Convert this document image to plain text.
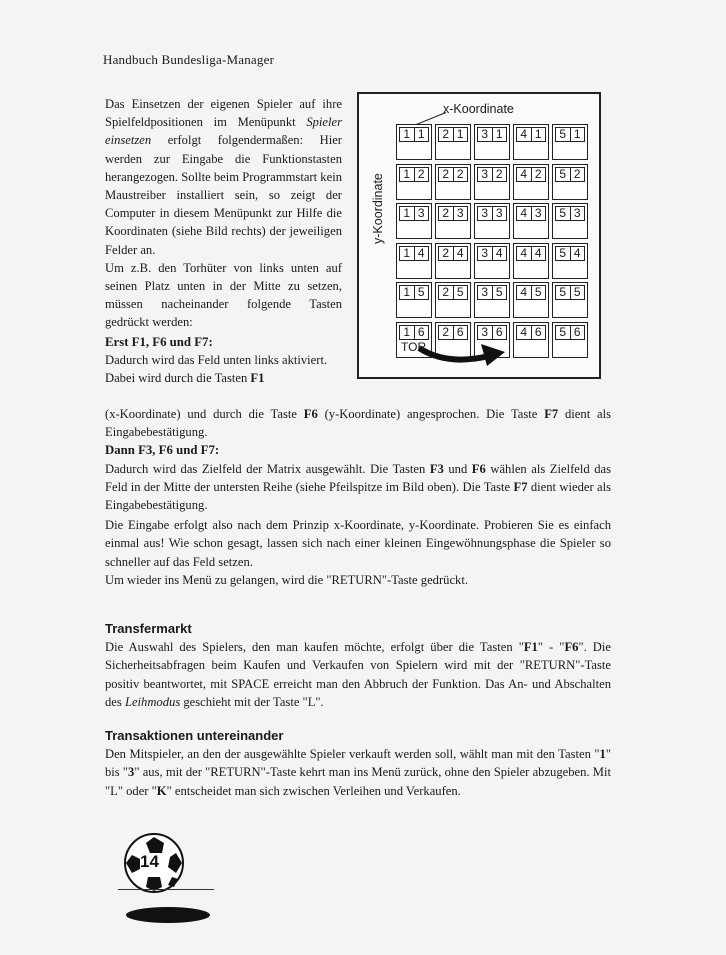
Handbuch Bundesliga-Manager

Das Einsetzen der eigenen Spieler auf ihre Spielfeldpositionen im Menüpunkt Spieler einsetzen erfolgt folgendermaßen: Hier werden zur Eingabe die Funktionstasten herangezogen. Sollte beim Programmstart kein Maustreiber installiert sein, so zeigt der Computer in diesem Menüpunkt zur Hilfe die Koordinaten (siehe Bild rechts) der jeweiligen Felder an.

Um z.B. den Torhüter von links unten auf seinen Platz unten in der Mitte zu setzen, müssen nacheinander folgende Tasten gedrückt werden:

Erst F1, F6 und F7:

Dadurch wird das Feld unten links aktiviert. Dabei wird durch die Tasten F1

x-Koordinate
y-Koordinate
1 1 2 1 3 1 4 1 5 1
1 2 2 2 3 2 4 2 5 2
1 3 2 3 3 3 4 3 5 3
1 4 2 4 3 4 4 4 5 4
1 5 2 5 3 5 4 5 5 5
1 6
TOR
2 6 3 6 4 6 5 6

(x-Koordinate) und durch die Taste F6 (y-Koordinate) angesprochen. Die Taste F7 dient als Eingabebestätigung.

Dann F3, F6 und F7:

Dadurch wird das Zielfeld der Matrix ausgewählt. Die Tasten F3 und F6 wählen als Zielfeld das Feld in der Mitte der untersten Reihe (siehe Pfeilspitze im Bild oben). Die Taste F7 dient wieder als Eingabebestätigung.

Die Eingabe erfolgt also nach dem Prinzip x-Koordinate, y-Koordinate. Probieren Sie es einfach einmal aus! Wie schon gesagt, lassen sich nach einer kleinen Eingewöhnungsphase die Spieler so schneller auf das Feld setzen.

Um wieder ins Menü zu gelangen, wird die "RETURN"-Taste gedrückt.

Transfermarkt

Die Auswahl des Spielers, den man kaufen möchte, erfolgt über die Tasten "F1" - "F6". Die Sicherheitsabfragen beim Kaufen und Verkaufen von Spielern wird mit der "RETURN"-Taste positiv beantwortet, mit SPACE erreicht man den Abbruch der Funktion. Das An- und Abschalten des Leihmodus geschieht mit der Taste "L".

Transaktionen untereinander

Den Mitspieler, an den der ausgewählte Spieler verkauft werden soll, wählt man mit den Tasten "1" bis "3" aus, mit der "RETURN"-Taste kehrt man ins Menü zurück, ohne den Spieler abzugeben. Mit "L" oder "K" entscheidet man sich zwischen Verleihen und Verkaufen.

14
